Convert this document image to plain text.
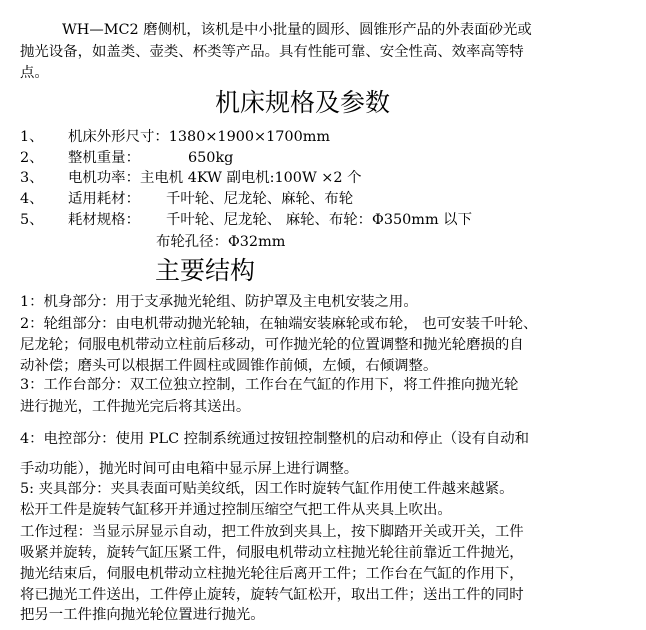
WH—MC2 磨侧机，该机是中小批量的圆形、圆锥形产品的外表面砂光或
抛光设备，如盖类、壶类、杯类等产品。具有性能可靠、安全性高、效率高等特
点。
机床规格及参数
1、 机床外形尺寸：1380×1900×1700mm
2、 整机重量：	650kg
3、 电机功率：主电机 4KW 副电机:100W ×2 个
4、 适用耗材： 千叶轮、尼龙轮、麻轮、布轮
5、 耗材规格： 千叶轮、尼龙轮、 麻轮、布轮：Φ350mm 以下
布轮孔径：Φ32mm
主要结构
1：机身部分：用于支承抛光轮组、防护罩及主电机安装之用。
2：轮组部分：由电机带动抛光轮轴，在轴端安装麻轮或布轮， 也可安装千叶轮、
尼龙轮；伺服电机带动立柱前后移动，可作抛光轮的位置调整和抛光轮磨损的自
动补偿；磨头可以根据工件圆柱或圆锥作前倾，左倾，右倾调整。
3：工作台部分：双工位独立控制，工作台在气缸的作用下，将工件推向抛光轮
进行抛光，工件抛光完后将其送出。
4：电控部分：使用 PLC 控制系统通过按钮控制整机的启动和停止（设有自动和
手动功能），抛光时间可由电箱中显示屏上进行调整。
5: 夹具部分：夹具表面可贴美纹纸，因工作时旋转气缸作用使工件越来越紧。
松开工件是旋转气缸移开并通过控制压缩空气把工件从夹具上吹出。
工作过程：当显示屏显示自动，把工件放到夹具上，按下脚踏开关或开关，工件
吸紧并旋转，旋转气缸压紧工件，伺服电机带动立柱抛光轮往前靠近工件抛光，
抛光结束后，伺服电机带动立柱抛光轮往后离开工件；工作台在气缸的作用下，
将已抛光工件送出，工件停止旋转，旋转气缸松开，取出工件；送出工件的同时
把另一工件推向抛光轮位置进行抛光。
